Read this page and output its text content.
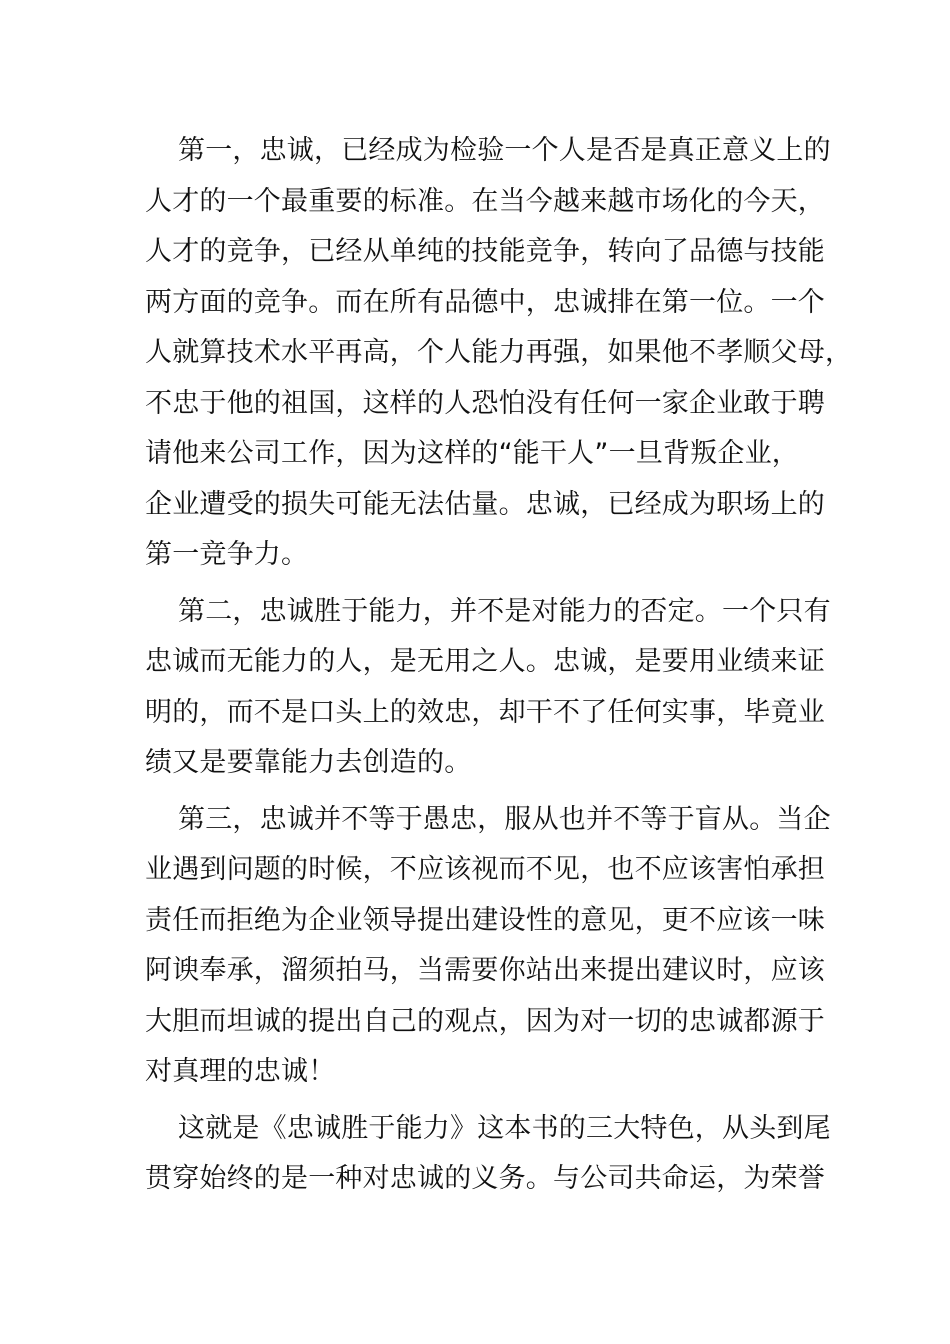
第一，忠诚，已经成为检验一个人是否是真正意义上的
人才的一个最重要的标准。在当今越来越市场化的今天，
人才的竞争，已经从单纯的技能竞争，转向了品德与技能
两方面的竞争。而在所有品德中，忠诚排在第一位。一个
人就算技术水平再高，个人能力再强，如果他不孝顺父母，
不忠于他的祖国，这样的人恐怕没有任何一家企业敢于聘
请他来公司工作，因为这样的“能干人”一旦背叛企业，
企业遭受的损失可能无法估量。忠诚，已经成为职场上的
第一竞争力。
第二，忠诚胜于能力，并不是对能力的否定。一个只有
忠诚而无能力的人，是无用之人。忠诚，是要用业绩来证
明的，而不是口头上的效忠，却干不了任何实事，毕竟业
绩又是要靠能力去创造的。
第三，忠诚并不等于愚忠，服从也并不等于盲从。当企
业遇到问题的时候，不应该视而不见，也不应该害怕承担
责任而拒绝为企业领导提出建设性的意见，更不应该一味
阿谀奉承，溜须拍马，当需要你站出来提出建议时，应该
大胆而坦诚的提出自己的观点，因为对一切的忠诚都源于
对真理的忠诚！
这就是《忠诚胜于能力》这本书的三大特色，从头到尾
贯穿始终的是一种对忠诚的义务。与公司共命运，为荣誉
